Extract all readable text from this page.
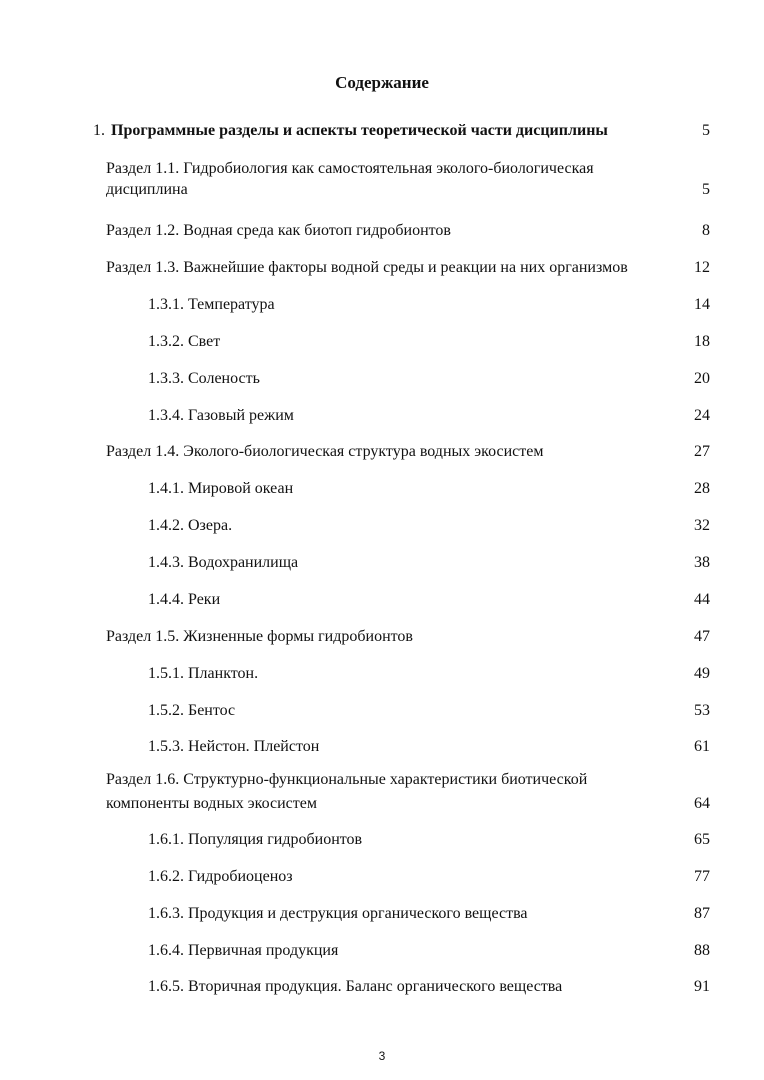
Содержание
1. Программные разделы и аспекты теоретической части дисциплины	5
Раздел 1.1. Гидробиология как самостоятельная эколого-биологическая
дисциплина	5
Раздел 1.2. Водная среда как биотоп гидробионтов	8
Раздел 1.3. Важнейшие факторы водной среды и реакции на них организмов	12
1.3.1. Температура	14
1.3.2. Свет	18
1.3.3. Соленость	20
1.3.4. Газовый режим	24
Раздел 1.4. Эколого-биологическая структура водных экосистем	27
1.4.1. Мировой океан	28
1.4.2. Озера.	32
1.4.3. Водохранилища	38
1.4.4. Реки	44
Раздел 1.5. Жизненные формы гидробионтов	47
1.5.1. Планктон.	49
1.5.2. Бентос	53
1.5.3. Нейстон. Плейстон	61
Раздел 1.6. Структурно-функциональные характеристики биотической
компоненты водных экосистем	64
1.6.1. Популяция гидробионтов	65
1.6.2. Гидробиоценоз	77
1.6.3. Продукция и деструкция органического вещества	87
1.6.4. Первичная продукция	88
1.6.5. Вторичная продукция. Баланс органического вещества	91
3
